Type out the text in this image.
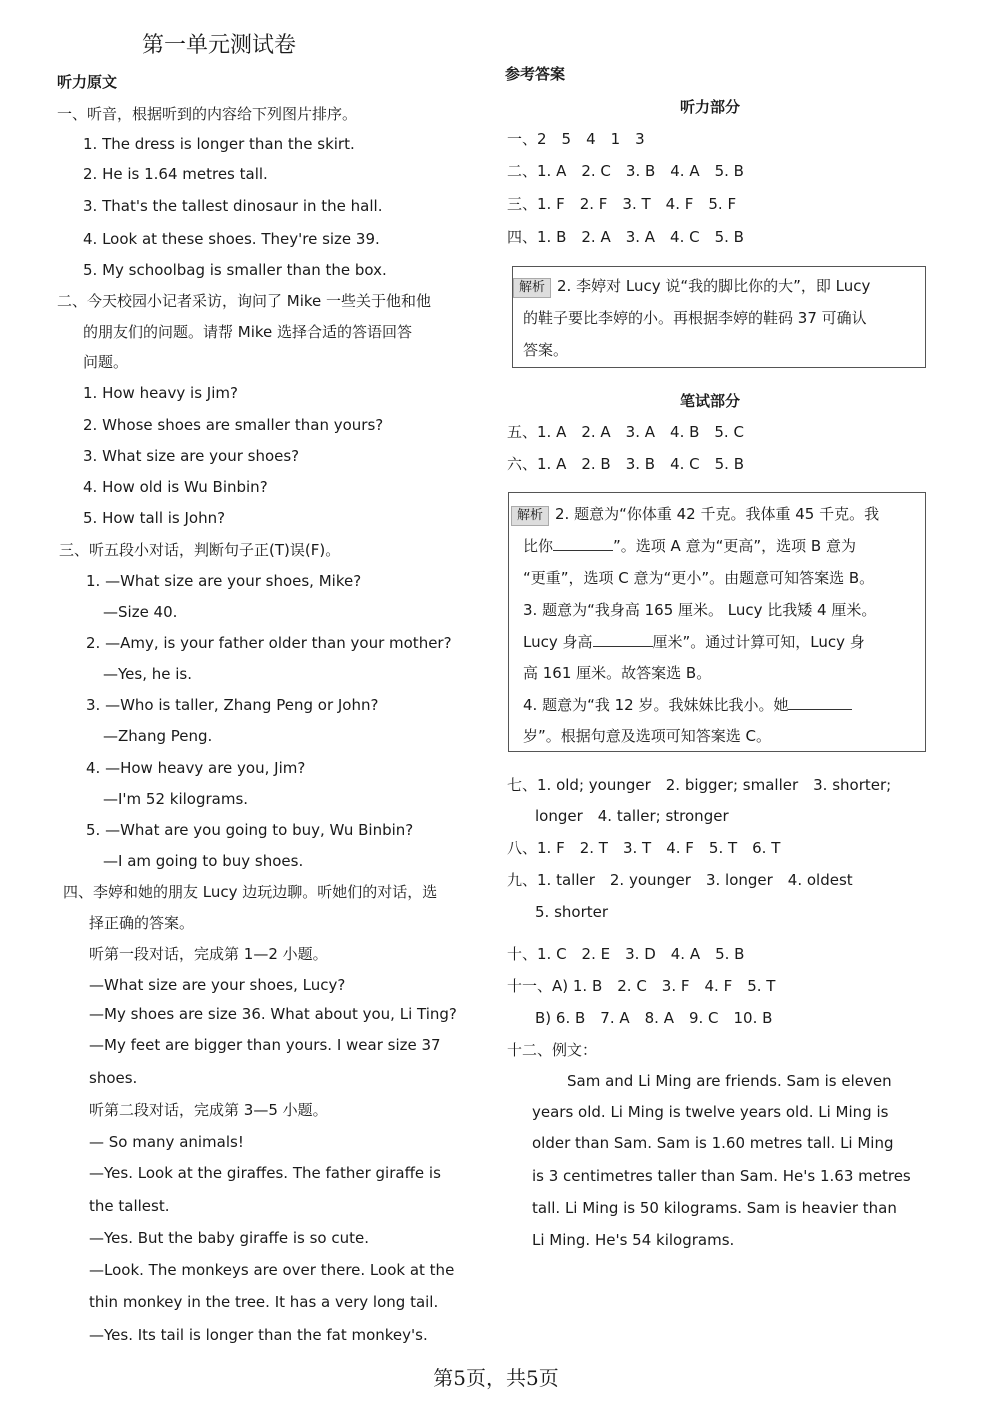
第一单元测试卷
听力原文
一、听音，根据听到的内容给下列图片排序。
1. The dress is longer than the skirt.
2. He is 1.64 metres tall.
3. That's the tallest dinosaur in the hall.
4. Look at these shoes. They're size 39.
5. My schoolbag is smaller than the box.
二、今天校园小记者采访，询问了 Mike 一些关于他和他
的朋友们的问题。请帮 Mike 选择合适的答语回答
问题。
1. How heavy is Jim?
2. Whose shoes are smaller than yours?
3. What size are your shoes?
4. How old is Wu Binbin?
5. How tall is John?
三、听五段小对话，判断句子正(T)误(F)。
1. —What size are your shoes, Mike?
—Size 40.
2. —Amy, is your father older than your mother?
—Yes, he is.
3. —Who is taller, Zhang Peng or John?
—Zhang Peng.
4. —How heavy are you, Jim?
—I'm 52 kilograms.
5. —What are you going to buy, Wu Binbin?
—I am going to buy shoes.
四、李婷和她的朋友 Lucy 边玩边聊。听她们的对话，选
择正确的答案。
听第一段对话，完成第 1—2 小题。
—What size are your shoes, Lucy?
—My shoes are size 36. What about you, Li Ting?
—My feet are bigger than yours. I wear size 37
shoes.
听第二段对话，完成第 3—5 小题。
— So many animals!
—Yes. Look at the giraffes. The father giraffe is
the tallest.
—Yes. But the baby giraffe is so cute.
—Look. The monkeys are over there. Look at the
thin monkey in the tree. It has a very long tail.
—Yes. Its tail is longer than the fat monkey's.
参考答案
听力部分
一、2　5　4　1　3
二、1. A　2. C　3. B　4. A　5. B
三、1. F　2. F　3. T　4. F　5. F
四、1. B　2. A　3. A　4. C　5. B
解析 2. 李婷对 Lucy 说“我的脚比你的大”，即 Lucy
的鞋子要比李婷的小。再根据李婷的鞋码 37 可确认
答案。
笔试部分
五、1. A　2. A　3. A　4. B　5. C
六、1. A　2. B　3. B　4. C　5. B
解析 2. 题意为“你体重 42 千克。我体重 45 千克。我
比你	”。选项 A 意为“更高”，选项 B 意为
“更重”，选项 C 意为“更小”。由题意可知答案选 B。
3. 题意为“我身高 165 厘米。 Lucy 比我矮 4 厘米。
Lucy 身高	厘米”。通过计算可知，Lucy 身
高 161 厘米。故答案选 B。
4. 题意为“我 12 岁。我妹妹比我小。她
岁”。根据句意及选项可知答案选 C。
七、1. old; younger　2. bigger; smaller　3. shorter;
longer　4. taller; stronger
八、1. F　2. T　3. T　4. F　5. T　6. T
九、1. taller　2. younger　3. longer　4. oldest
5. shorter
十、1. C　2. E　3. D　4. A　5. B
十一、A) 1. B　2. C　3. F　4. F　5. T
B) 6. B　7. A　8. A　9. C　10. B
十二、例文：
Sam and Li Ming are friends. Sam is eleven
years old. Li Ming is twelve years old. Li Ming is
older than Sam. Sam is 1.60 metres tall. Li Ming
is 3 centimetres taller than Sam. He's 1.63 metres
tall. Li Ming is 50 kilograms. Sam is heavier than
Li Ming. He's 54 kilograms.
第5页，共5页
